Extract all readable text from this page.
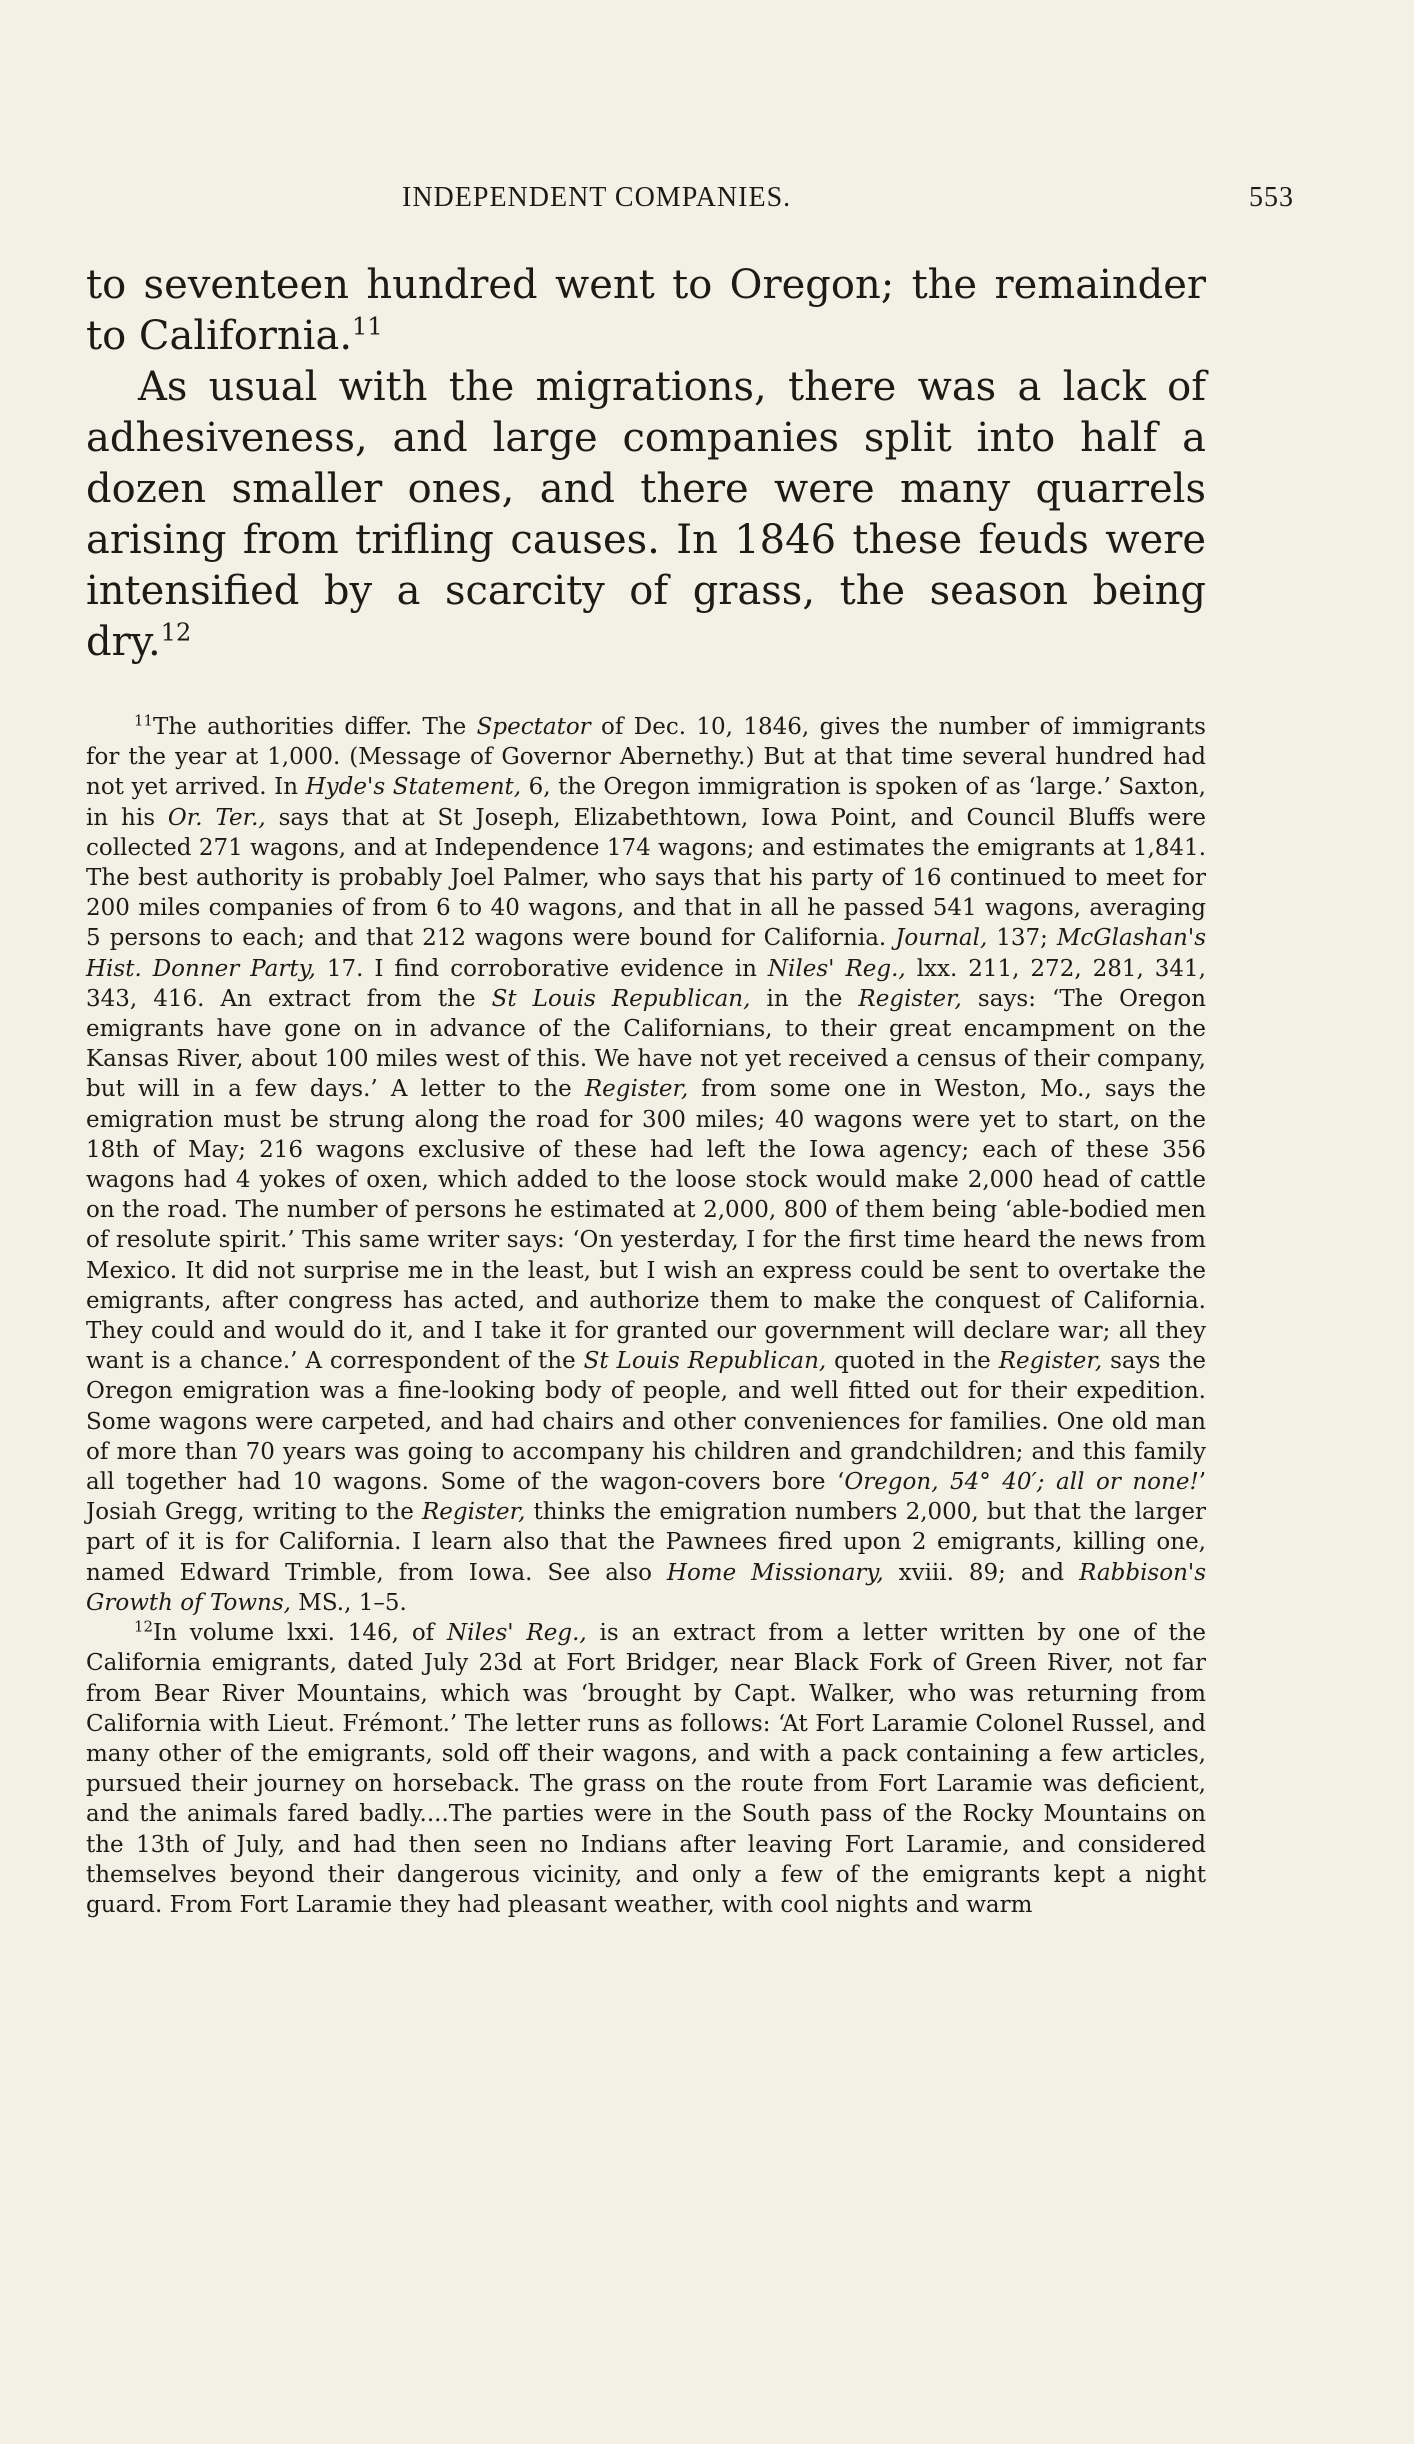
INDEPENDENT COMPANIES.	553

to seventeen hundred went to Oregon; the remainder to California.$^{11}$

As usual with the migrations, there was a lack of adhesiveness, and large companies split into half a dozen smaller ones, and there were many quarrels arising from trifling causes. In 1846 these feuds were intensified by a scarcity of grass, the season being dry.$^{12}$

$^{11}$The authorities differ. The Spectator of Dec. 10, 1846, gives the number of immigrants for the year at 1,000. (Message of Governor Abernethy.) But at that time several hundred had not yet arrived. In Hyde's Statement, 6, the Oregon immigration is spoken of as ‘large.’ Saxton, in his Or. Ter., says that at St Joseph, Elizabethtown, Iowa Point, and Council Bluffs were collected 271 wagons, and at Independence 174 wagons; and estimates the emigrants at 1,841. The best authority is probably Joel Palmer, who says that his party of 16 continued to meet for 200 miles companies of from 6 to 40 wagons, and that in all he passed 541 wagons, averaging 5 persons to each; and that 212 wagons were bound for California. Journal, 137; McGlashan's Hist. Donner Party, 17. I find corroborative evidence in Niles' Reg., lxx. 211, 272, 281, 341, 343, 416. An extract from the St Louis Republican, in the Register, says: ‘The Oregon emigrants have gone on in advance of the Californians, to their great encampment on the Kansas River, about 100 miles west of this. We have not yet received a census of their company, but will in a few days.’ A letter to the Register, from some one in Weston, Mo., says the emigration must be strung along the road for 300 miles; 40 wagons were yet to start, on the 18th of May; 216 wagons exclusive of these had left the Iowa agency; each of these 356 wagons had 4 yokes of oxen, which added to the loose stock would make 2,000 head of cattle on the road. The number of persons he estimated at 2,000, 800 of them being ‘able-bodied men of resolute spirit.’ This same writer says: ‘On yesterday, I for the first time heard the news from Mexico. It did not surprise me in the least, but I wish an express could be sent to overtake the emigrants, after congress has acted, and authorize them to make the conquest of California. They could and would do it, and I take it for granted our government will declare war; all they want is a chance.’ A correspondent of the St Louis Republican, quoted in the Register, says the Oregon emigration was a fine-looking body of people, and well fitted out for their expedition. Some wagons were carpeted, and had chairs and other conveniences for families. One old man of more than 70 years was going to accompany his children and grandchildren; and this family all together had 10 wagons. Some of the wagon-covers bore ‘Oregon, 54° 40′; all or none!’ Josiah Gregg, writing to the Register, thinks the emigration numbers 2,000, but that the larger part of it is for California. I learn also that the Pawnees fired upon 2 emigrants, killing one, named Edward Trimble, from Iowa. See also Home Missionary, xviii. 89; and Rabbison's Growth of Towns, MS., 1–5.

$^{12}$In volume lxxi. 146, of Niles' Reg., is an extract from a letter written by one of the California emigrants, dated July 23d at Fort Bridger, near Black Fork of Green River, not far from Bear River Mountains, which was ‘brought by Capt. Walker, who was returning from California with Lieut. Frémont.’ The letter runs as follows: ‘At Fort Laramie Colonel Russel, and many other of the emigrants, sold off their wagons, and with a pack containing a few articles, pursued their journey on horseback. The grass on the route from Fort Laramie was deficient, and the animals fared badly....The parties were in the South pass of the Rocky Mountains on the 13th of July, and had then seen no Indians after leaving Fort Laramie, and considered themselves beyond their dangerous vicinity, and only a few of the emigrants kept a night guard. From Fort Laramie they had pleasant weather, with cool nights and warm
